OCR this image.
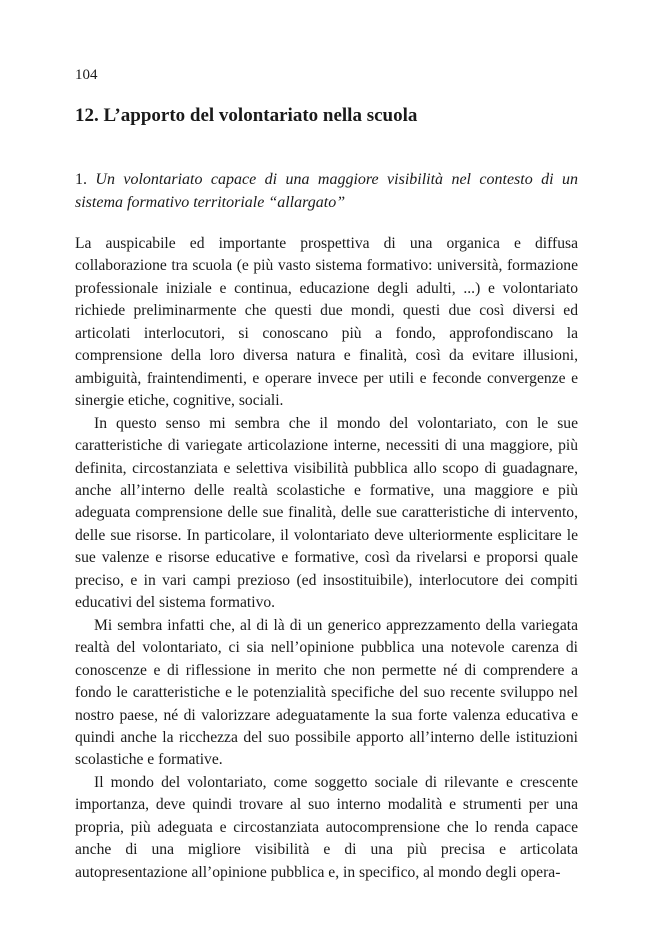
104
12. L’apporto del volontariato nella scuola
1. Un volontariato capace di una maggiore visibilità nel contesto di un sistema formativo territoriale “allargato”

La auspicabile ed importante prospettiva di una organica e diffusa collaborazione tra scuola (e più vasto sistema formativo: università, formazione professionale iniziale e continua, educazione degli adulti, ...) e volontariato richiede preliminarmente che questi due mondi, questi due così diversi ed articolati interlocutori, si conoscano più a fondo, approfondiscano la comprensione della loro diversa natura e finalità, così da evitare illusioni, ambiguità, fraintendimenti, e operare invece per utili e feconde convergenze e sinergie etiche, cognitive, sociali.

In questo senso mi sembra che il mondo del volontariato, con le sue caratteristiche di variegate articolazione interne, necessiti di una maggiore, più definita, circostanziata e selettiva visibilità pubblica allo scopo di guadagnare, anche all’interno delle realtà scolastiche e formative, una maggiore e più adeguata comprensione delle sue finalità, delle sue caratteristiche di intervento, delle sue risorse. In particolare, il volontariato deve ulteriormente esplicitare le sue valenze e risorse educative e formative, così da rivelarsi e proporsi quale preciso, e in vari campi prezioso (ed insostituibile), interlocutore dei compiti educativi del sistema formativo.

Mi sembra infatti che, al di là di un generico apprezzamento della variegata realtà del volontariato, ci sia nell’opinione pubblica una notevole carenza di conoscenze e di riflessione in merito che non permette né di comprendere a fondo le caratteristiche e le potenzialità specifiche del suo recente sviluppo nel nostro paese, né di valorizzare adeguatamente la sua forte valenza educativa e quindi anche la ricchezza del suo possibile apporto all’interno delle istituzioni scolastiche e formative.

Il mondo del volontariato, come soggetto sociale di rilevante e crescente importanza, deve quindi trovare al suo interno modalità e strumenti per una propria, più adeguata e circostanziata autocomprensione che lo renda capace anche di una migliore visibilità e di una più precisa e articolata autopresentazione all’opinione pubblica e, in specifico, al mondo degli opera-
